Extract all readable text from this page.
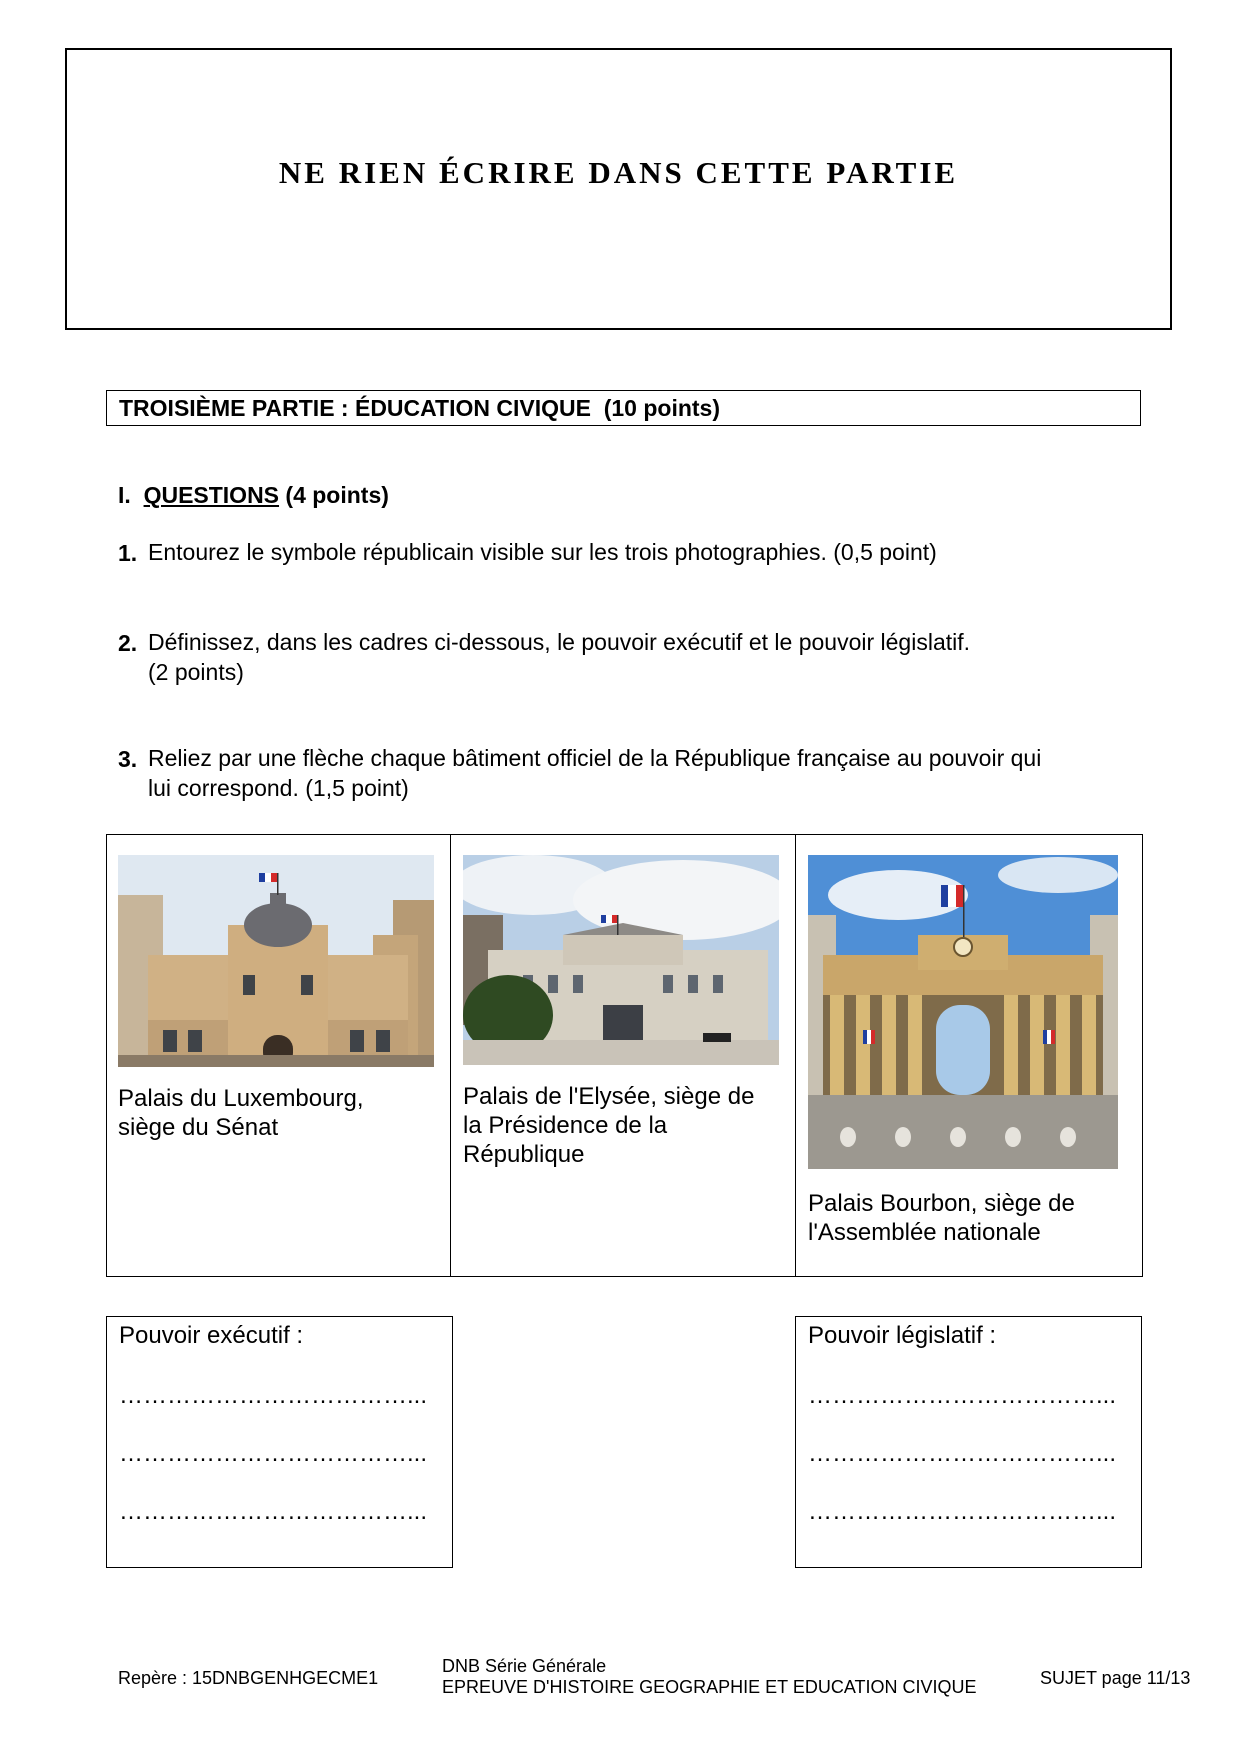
NE RIEN ÉCRIRE DANS CETTE PARTIE
TROISIÈME PARTIE : ÉDUCATION CIVIQUE  (10 points)
I. QUESTIONS (4 points)
1. Entourez le symbole républicain visible sur les trois photographies. (0,5 point)
2. Définissez, dans les cadres ci-dessous, le pouvoir exécutif et le pouvoir législatif.
(2 points)
3. Reliez par une flèche chaque bâtiment officiel de la République française au pouvoir qui
lui correspond. (1,5 point)
Palais du Luxembourg,
siège du Sénat
Palais de l'Elysée, siège de
la Présidence de la
République
Palais Bourbon, siège de
l'Assemblée nationale
Pouvoir exécutif :
………………………………...
………………………………...
………………………………...
Pouvoir législatif :
………………………………...
………………………………...
………………………………...
Repère : 15DNBGENHGECME1
DNB Série Générale
EPREUVE D'HISTOIRE GEOGRAPHIE ET EDUCATION CIVIQUE	SUJET page 11/13
